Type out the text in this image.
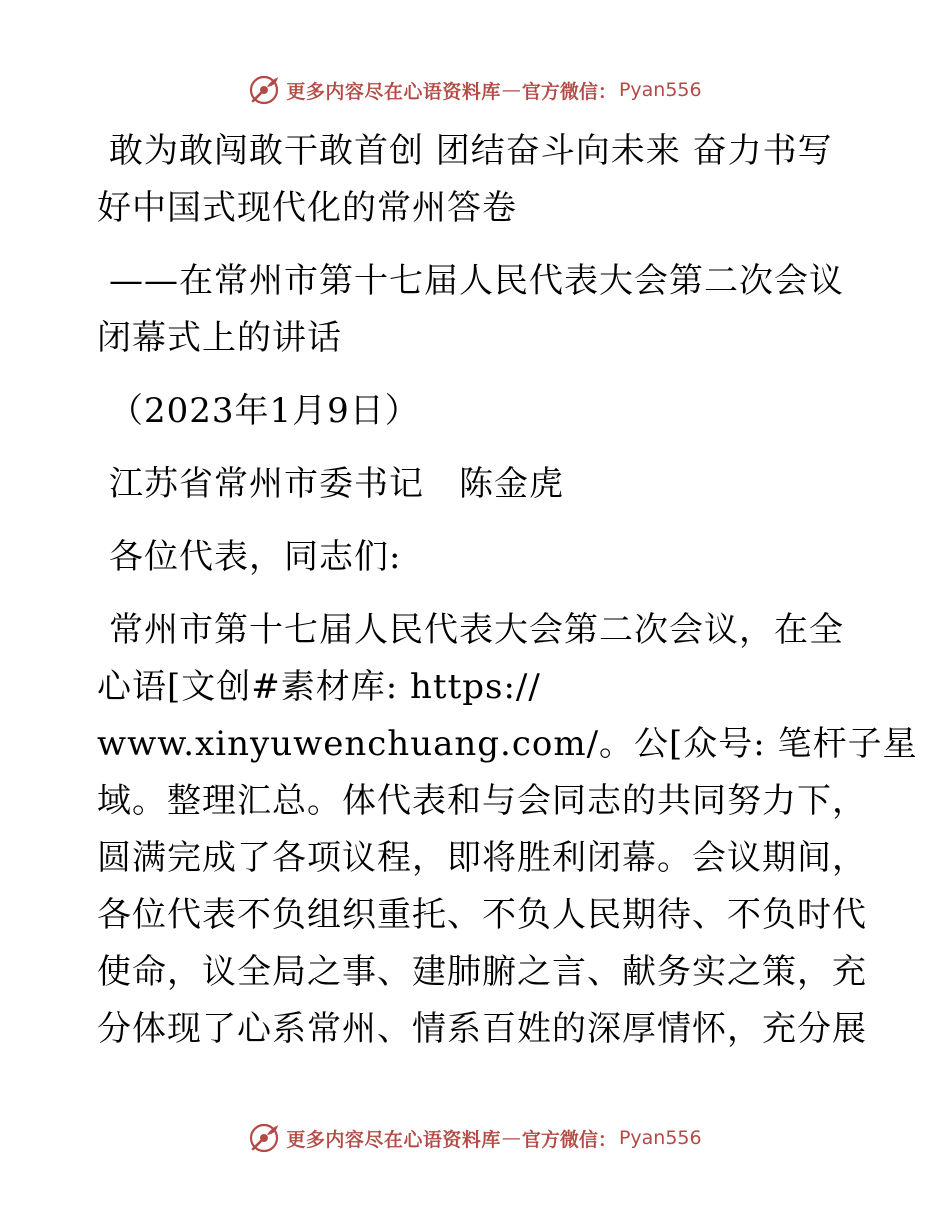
更多内容尽在心语资料库 — 官方微信： Pyan556
敢为敢闯敢干敢首创 团结奋斗向未来 奋力书写
好中国式现代化的常州答卷
——在常州市第十七届人民代表大会第二次会议
闭幕式上的讲话
（2023年1月9日）
江苏省常州市委书记　陈金虎
各位代表，同志们:
常州市第十七届人民代表大会第二次会议，在全
心语[文创#素材库: https://
www.xinyuwenchuang.com/。公[众号: 笔杆子星
域。整理汇总。体代表和与会同志的共同努力下，
圆满完成了各项议程，即将胜利闭幕。会议期间，
各位代表不负组织重托、不负人民期待、不负时代
使命，议全局之事、建肺腑之言、献务实之策，充
分体现了心系常州、情系百姓的深厚情怀，充分展
更多内容尽在心语资料库 — 官方微信： Pyan556
